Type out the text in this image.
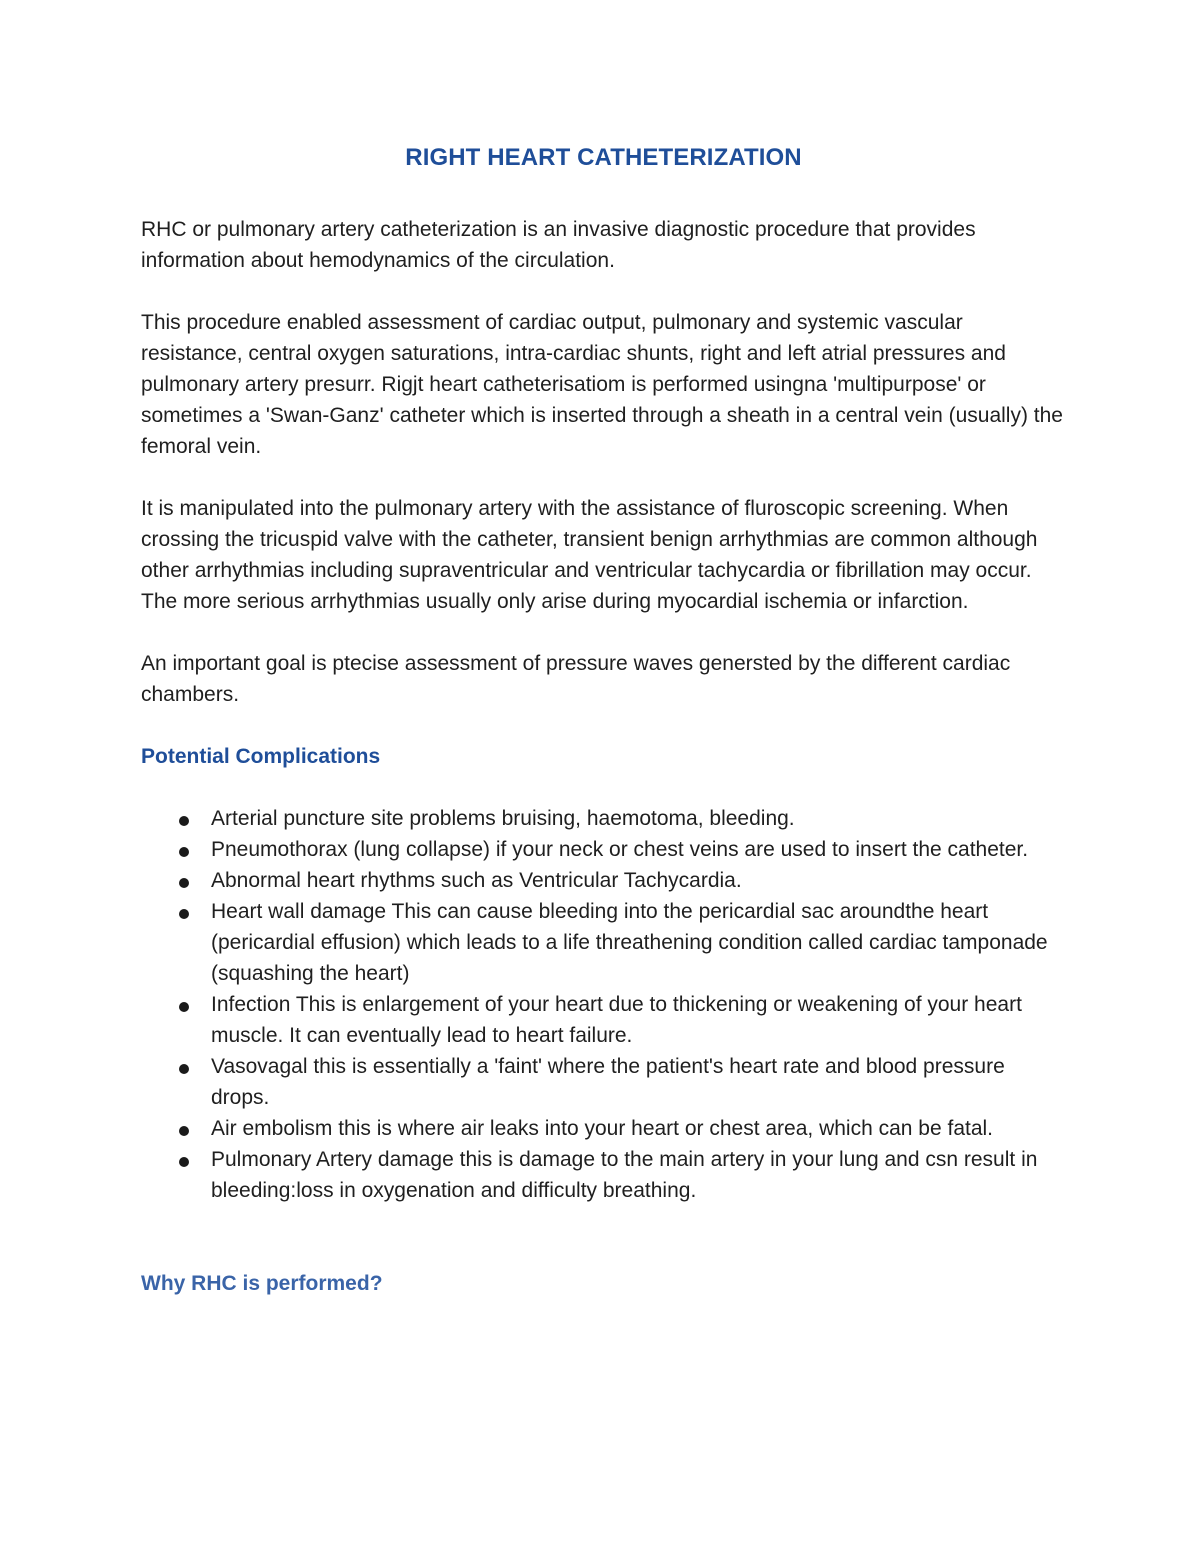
RIGHT HEART CATHETERIZATION

RHC or pulmonary artery catheterization is an invasive diagnostic procedure that provides information about hemodynamics of the circulation.

This procedure enabled assessment of cardiac output, pulmonary and systemic vascular resistance, central oxygen saturations, intra-cardiac shunts, right and left atrial pressures and pulmonary artery presurr. Rigjt heart catheterisatiom is performed usingna 'multipurpose' or sometimes a 'Swan-Ganz' catheter which is inserted through a sheath in a central vein (usually) the femoral vein.

It is manipulated into the pulmonary artery with the assistance of fluroscopic screening. When crossing the tricuspid valve with the catheter, transient benign arrhythmias are common although other arrhythmias including supraventricular and ventricular tachycardia or fibrillation may occur. The more serious arrhythmias usually only arise during myocardial ischemia or infarction.

An important goal is ptecise assessment of pressure waves genersted by the different cardiac chambers.

Potential Complications
Arterial puncture site problems bruising, haemotoma, bleeding.
Pneumothorax (lung collapse) if your neck or chest veins are used to insert the catheter.
Abnormal heart rhythms such as Ventricular Tachycardia.
Heart wall damage This can cause bleeding into the pericardial sac aroundthe heart (pericardial effusion) which leads to a life threathening condition called cardiac tamponade (squashing the heart)
Infection This is enlargement of your heart due to thickening or weakening of your heart muscle. It can eventually lead to heart failure.
Vasovagal this is essentially a 'faint' where the patient's heart rate and blood pressure drops.
Air embolism this is where air leaks into your heart or chest area, which can be fatal.
Pulmonary Artery damage this is damage to the main artery in your lung and csn result in bleeding:loss in oxygenation and difficulty breathing.
Why RHC is performed?
